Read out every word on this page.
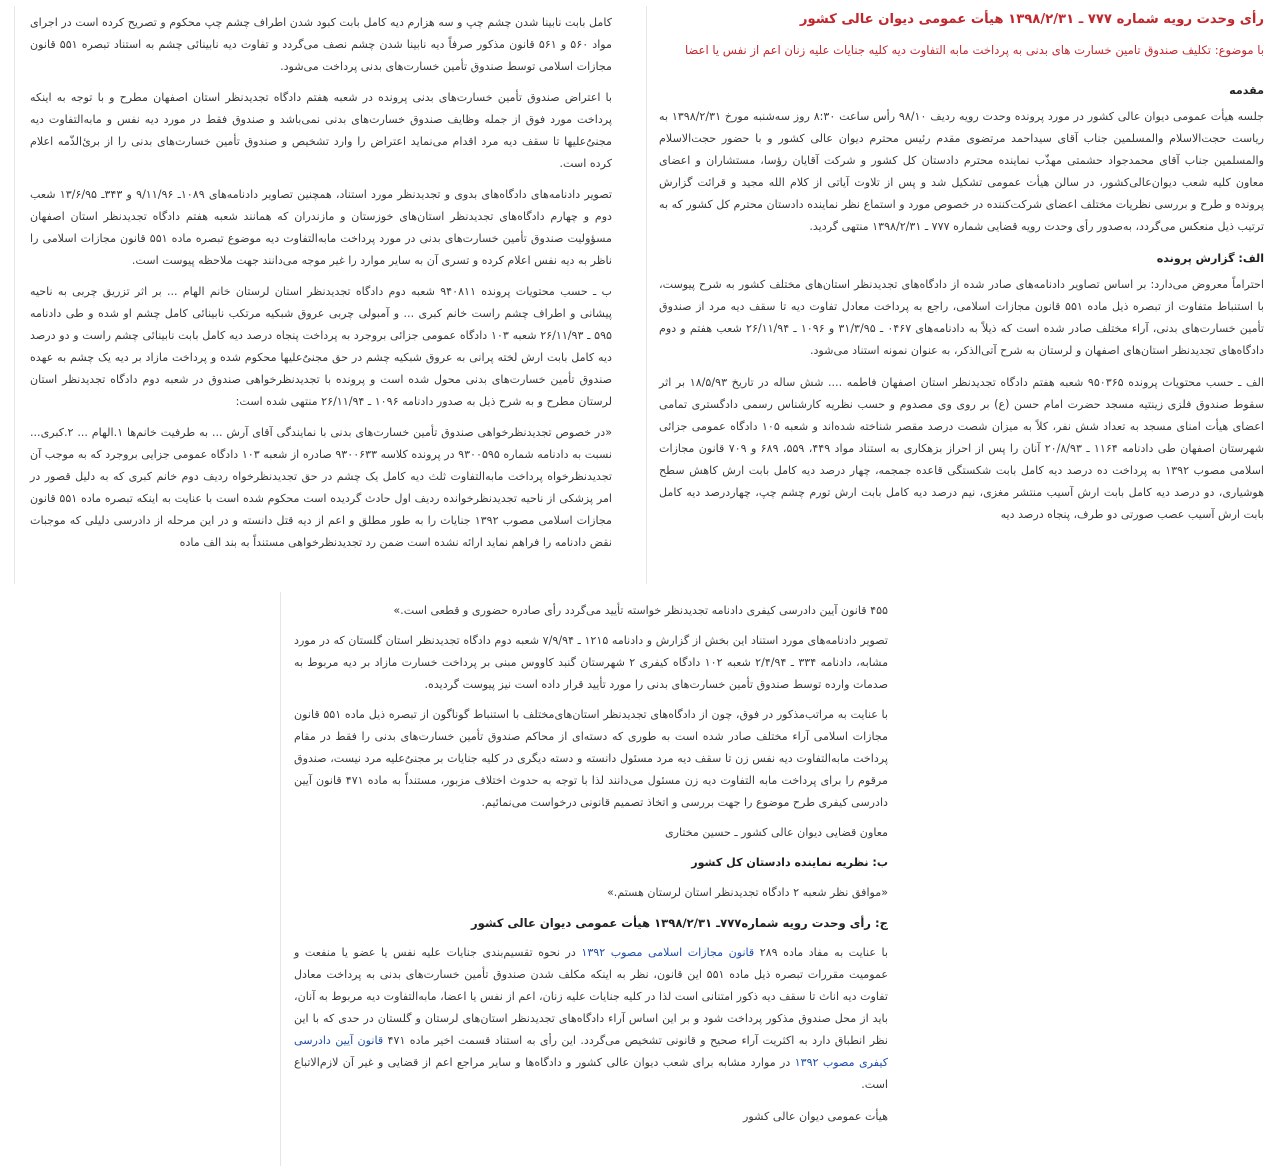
کامل بابت نابینا شدن چشم چپ و سه هزارم دیه کامل بابت کبود شدن اطراف چشم چپ محکوم و تصریح کرده است در اجرای مواد ۵۶۰ و ۵۶۱ قانون مذکور صرفاً دیه نابینا شدن چشم نصف می‌گردد و تفاوت دیه نابینائی چشم به استناد تبصره ۵۵۱ قانون مجازات اسلامی توسط صندوق تأمین خسارت‌های بدنی پرداخت می‌شود.

با اعتراض صندوق تأمین خسارت‌های بدنی پرونده در شعبه هفتم دادگاه تجدیدنظر استان اصفهان مطرح و با توجه به اینکه پرداخت مورد فوق از جمله وظایف صندوق خسارت‌های بدنی نمی‌باشد و صندوق فقط در مورد دیه نفس و مابه‌التفاوت دیه مجنیٌ‌علیها تا سقف دیه مرد اقدام می‌نماید اعتراض را وارد تشخیص و صندوق تأمین خسارت‌های بدنی را از برئ‌الذّمه اعلام کرده است.

تصویر دادنامه‌های دادگاه‌های بدوی و تجدیدنظر مورد استناد، همچنین تصاویر دادنامه‌های ۱۰۸۹ـ ۹/۱۱/۹۶ و ۳۴۳ـ ۱۳/۶/۹۵ شعب دوم و چهارم دادگاه‌های تجدیدنظر استان‌های خوزستان و مازندران که همانند شعبه هفتم دادگاه تجدیدنظر استان اصفهان مسؤولیت صندوق تأمین خسارت‌های بدنی در مورد پرداخت مابه‌التفاوت دیه موضوع تبصره ماده ۵۵۱ قانون مجازات اسلامی را ناظر به دیه نفس اعلام کرده و تسری آن به سایر موارد را غیر موجه می‌دانند جهت ملاحظه پیوست است.

ب ـ حسب محتویات پرونده ۹۴۰۸۱۱ شعبه دوم دادگاه تجدیدنظر استان لرستان خانم الهام ... بر اثر تزریق چربی به ناحیه پیشانی و اطراف چشم راست خانم کبری ... و آمبولی چربی عروق شبکیه مرتکب نابینائی کامل چشم او شده و طی دادنامه ۵۹۵ ـ ۲۶/۱۱/۹۳ شعبه ۱۰۳ دادگاه عمومی جزائی بروجرد به پرداخت پنجاه درصد دیه کامل بابت نابینائی چشم راست و دو درصد دیه کامل بابت ارش لخته پرانی به عروق شبکیه چشم در حق مجنیٌ‌علیها محکوم شده و پرداخت مازاد بر دیه یک چشم به عهده صندوق تأمین خسارت‌های بدنی محول شده است و پرونده با تجدیدنظرخواهی صندوق در شعبه دوم دادگاه تجدیدنظر استان لرستان مطرح و به شرح ذیل به صدور دادنامه ۱۰۹۶ ـ ۲۶/۱۱/۹۴ منتهی شده است:

«در خصوص تجدیدنظرخواهی صندوق تأمین خسارت‌های بدنی با نمایندگی آقای آرش ... به طرفیت خانم‌ها ۱.الهام ... ۲.کبری... نسبت به دادنامه شماره ۹۳۰۰۵۹۵ در پرونده کلاسه ۹۳۰۰۶۳۳ صادره از شعبه ۱۰۳ دادگاه عمومی جزایی بروجرد که به موجب آن تجدیدنظرخواه پرداخت مابه‌التفاوت ثلث دیه کامل یک چشم در حق تجدیدنظرخواه ردیف دوم خانم کبری که به دلیل قصور در امر پزشکی از ناحیه تجدیدنظرخوانده ردیف اول حادث گردیده است محکوم شده است با عنایت به اینکه تبصره ماده ۵۵۱ قانون مجازات اسلامی مصوب ۱۳۹۲ جنایات را به طور مطلق و اعم از دیه قتل دانسته و در این مرحله از دادرسی دلیلی که موجبات نقض دادنامه را فراهم نماید ارائه نشده است ضمن رد تجدیدنظرخواهی مستنداً به بند الف ماده

رأی وحدت رویه شماره ۷۷۷ ـ ۱۳۹۸/۲/۳۱ هیأت عمومی دیوان عالی کشور

با موضوع: تکلیف صندوق تامین خسارت های بدنی به پرداخت مابه التفاوت دیه کلیه جنایات علیه زنان اعم از نفس یا اعضا

مقدمه

جلسه هیأت عمومی دیوان عالی کشور در مورد پرونده وحدت رویه ردیف ۹۸/۱۰ رأس ساعت ۸:۳۰ روز سه‌شنبه مورخ ۱۳۹۸/۲/۳۱ به ریاست حجت‌الاسلام والمسلمین جناب آقای سیداحمد مرتضوی مقدم رئیس محترم دیوان عالی کشور و با حضور حجت‌الاسلام والمسلمین جناب آقای محمدجواد حشمتی مهذّب نماینده محترم دادستان کل کشور و شرکت آقایان رؤسا، مستشاران و اعضای معاون کلیه شعب دیوان‌عالی‌کشور، در سالن هیأت عمومی تشکیل شد و پس از تلاوت آیاتی از کلام الله مجید و قرائت گزارش پرونده و طرح و بررسی نظریات مختلف اعضای شرکت‌کننده در خصوص مورد و استماع نظر نماینده دادستان محترم کل کشور که به ترتیب ذیل منعکس می‌گردد، به‌صدور رأی وحدت رویه قضایی شماره ۷۷۷ ـ ۱۳۹۸/۲/۳۱ منتهی گردید.

الف: گزارش پرونده

احتراماً معروض می‌دارد: بر اساس تصاویر دادنامه‌های صادر شده از دادگاه‌های تجدیدنظر استان‌های مختلف کشور به شرح پیوست، با استنباط متفاوت از تبصره ذیل ماده ۵۵۱ قانون مجازات اسلامی، راجع به پرداخت معادل تفاوت دیه تا سقف دیه مرد از صندوق تأمین خسارت‌های بدنی، آراء مختلف صادر شده است که ذیلاً به دادنامه‌های ۰۴۶۷ ـ ۳۱/۳/۹۵ و ۱۰۹۶ ـ ۲۶/۱۱/۹۴ شعب هفتم و دوم دادگاه‌های تجدیدنظر استان‌های اصفهان و لرستان به شرح آتی‌الذکر، به عنوان نمونه استناد می‌شود.

الف ـ حسب محتویات پرونده ۹۵۰۳۶۵ شعبه هفتم دادگاه تجدیدنظر استان اصفهان فاطمه .... شش ساله در تاریخ ۱۸/۵/۹۳ بر اثر سقوط صندوق فلزی زینتیه مسجد حضرت امام حسن (ع) بر روی وی مصدوم و حسب نظریه کارشناس رسمی دادگستری تمامی اعضای هیأت امنای مسجد به تعداد شش نفر، کلاً به میزان شصت درصد مقصر شناخته شده‌اند و شعبه ۱۰۵ دادگاه عمومی جزائی شهرستان اصفهان طی دادنامه ۱۱۶۴ ـ ۲۰/۸/۹۳ آنان را پس از احراز بزهکاری به استناد مواد ۴۴۹، ۵۵۹، ۶۸۹ و ۷۰۹ قانون مجازات اسلامی مصوب ۱۳۹۲ به پرداخت ده درصد دیه کامل بابت شکستگی قاعده جمجمه، چهار درصد دیه کامل بابت ارش کاهش سطح هوشیاری، دو درصد دیه کامل بابت ارش آسیب منتشر مغزی، نیم درصد دیه کامل بابت ارش تورم چشم چپ، چهاردرصد دیه کامل بابت ارش آسیب عصب صورتی دو طرف، پنجاه درصد دیه

۴۵۵ قانون آیین دادرسی کیفری دادنامه تجدیدنظر خواسته تأیید می‌گردد رأی صادره حضوری و قطعی است.»

تصویر دادنامه‌های مورد استناد این بخش از گزارش و دادنامه ۱۲۱۵ ـ ۷/۹/۹۴ شعبه دوم دادگاه تجدیدنظر استان گلستان که در مورد مشابه، دادنامه ۳۳۴ ـ ۲/۴/۹۴ شعبه ۱۰۲ دادگاه کیفری ۲ شهرستان گنبد کاووس مبنی بر پرداخت خسارت مازاد بر دیه مربوط به صدمات وارده توسط صندوق تأمین خسارت‌های بدنی را مورد تأیید قرار داده است نیز پیوست گردیده.

با عنایت به مراتب‌مذکور در فوق، چون از دادگاه‌های تجدیدنظر استان‌های‌مختلف با استنباط گوناگون از تبصره ذیل ماده ۵۵۱ قانون مجازات اسلامی آراء مختلف صادر شده است به طوری که دسته‌ای از محاکم صندوق تأمین خسارت‌های بدنی را فقط در مقام پرداخت مابه‌التفاوت دیه نفس زن تا سقف دیه مرد مسئول دانسته و دسته دیگری در کلیه جنایات بر مجنیٌ‌علیه مرد نیست، صندوق مرقوم را برای پرداخت مابه التفاوت دیه زن مسئول می‌دانند لذا با توجه به حدوث اختلاف مزبور، مستنداً به ماده ۴۷۱ قانون آیین دادرسی کیفری طرح موضوع را جهت بررسی و اتخاذ تصمیم قانونی درخواست می‌نمائیم.

معاون قضایی دیوان عالی کشور ـ حسین مختاری

ب: نظریه نماینده دادستان کل کشور

«موافق نظر شعبه ۲ دادگاه تجدیدنظر استان لرستان هستم.»

ج: رأی وحدت رویه شماره۷۷۷ـ ۱۳۹۸/۲/۳۱ هیأت عمومی دیوان عالی کشور

با عنایت به مفاد ماده ۲۸۹ قانون مجازات اسلامی مصوب ۱۳۹۲ در نحوه تقسیم‌بندی جنایات علیه نفس یا عضو یا منفعت و عمومیت مقررات تبصره ذیل ماده ۵۵۱ این قانون، نظر به اینکه مکلف شدن صندوق تأمین خسارت‌های بدنی به پرداخت معادل تفاوت دیه اناث تا سقف دیه ذکور امتنانی است لذا در کلیه جنایات علیه زنان، اعم از نفس یا اعضا، مابه‌التفاوت دیه مربوط به آنان، باید از محل صندوق مذکور پرداخت شود و بر این اساس آراء دادگاه‌های تجدیدنظر استان‌های لرستان و گلستان در حدی که با این نظر انطباق دارد به اکثریت آراء صحیح و قانونی تشخیص می‌گردد. این رأی به استناد قسمت اخیر ماده ۴۷۱ قانون آیین دادرسی کیفری مصوب ۱۳۹۲ در موارد مشابه برای شعب دیوان عالی کشور و دادگاه‌ها و سایر مراجع اعم از قضایی و غیر آن لازم‌الاتباع است.

هیأت عمومی دیوان عالی کشور
